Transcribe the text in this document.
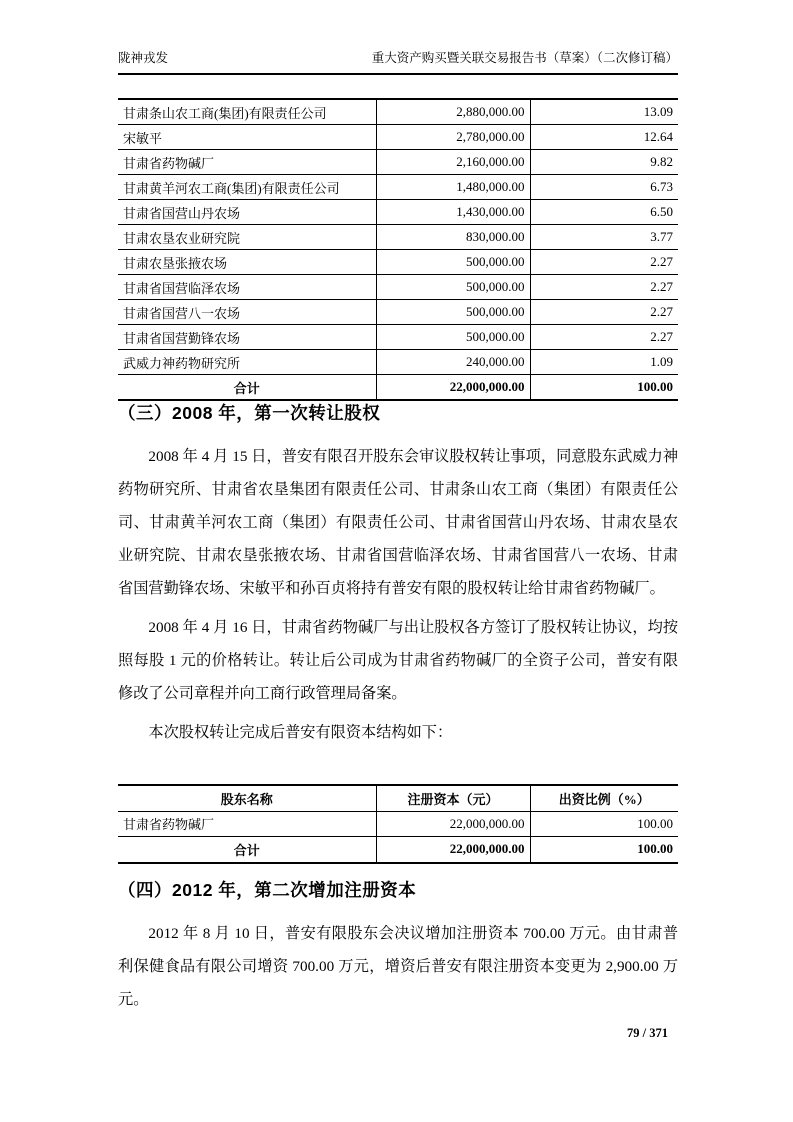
陇神戎发	重大资产购买暨关联交易报告书（草案）（二次修订稿）
甘肃条山农工商(集团)有限责任公司	2,880,000.00	13.09
宋敏平	2,780,000.00	12.64
甘肃省药物碱厂	2,160,000.00	9.82
甘肃黄羊河农工商(集团)有限责任公司	1,480,000.00	6.73
甘肃省国营山丹农场	1,430,000.00	6.50
甘肃农垦农业研究院	830,000.00	3.77
甘肃农垦张掖农场	500,000.00	2.27
甘肃省国营临泽农场	500,000.00	2.27
甘肃省国营八一农场	500,000.00	2.27
甘肃省国营勤锋农场	500,000.00	2.27
武威力神药物研究所	240,000.00	1.09
合计	22,000,000.00	100.00
（三）2008 年，第一次转让股权

2008 年 4 月 15 日，普安有限召开股东会审议股权转让事项，同意股东武威力神药物研究所、甘肃省农垦集团有限责任公司、甘肃条山农工商（集团）有限责任公司、甘肃黄羊河农工商（集团）有限责任公司、甘肃省国营山丹农场、甘肃农垦农业研究院、甘肃农垦张掖农场、甘肃省国营临泽农场、甘肃省国营八一农场、甘肃省国营勤锋农场、宋敏平和孙百贞将持有普安有限的股权转让给甘肃省药物碱厂。

2008 年 4 月 16 日，甘肃省药物碱厂与出让股权各方签订了股权转让协议，均按照每股 1 元的价格转让。转让后公司成为甘肃省药物碱厂的全资子公司，普安有限修改了公司章程并向工商行政管理局备案。

本次股权转让完成后普安有限资本结构如下：

股东名称	注册资本（元）	出资比例（%）
甘肃省药物碱厂	22,000,000.00	100.00
合计	22,000,000.00	100.00
（四）2012 年，第二次增加注册资本

2012 年 8 月 10 日，普安有限股东会决议增加注册资本 700.00 万元。由甘肃普利保健食品有限公司增资 700.00 万元，增资后普安有限注册资本变更为 2,900.00 万元。

79 / 371
